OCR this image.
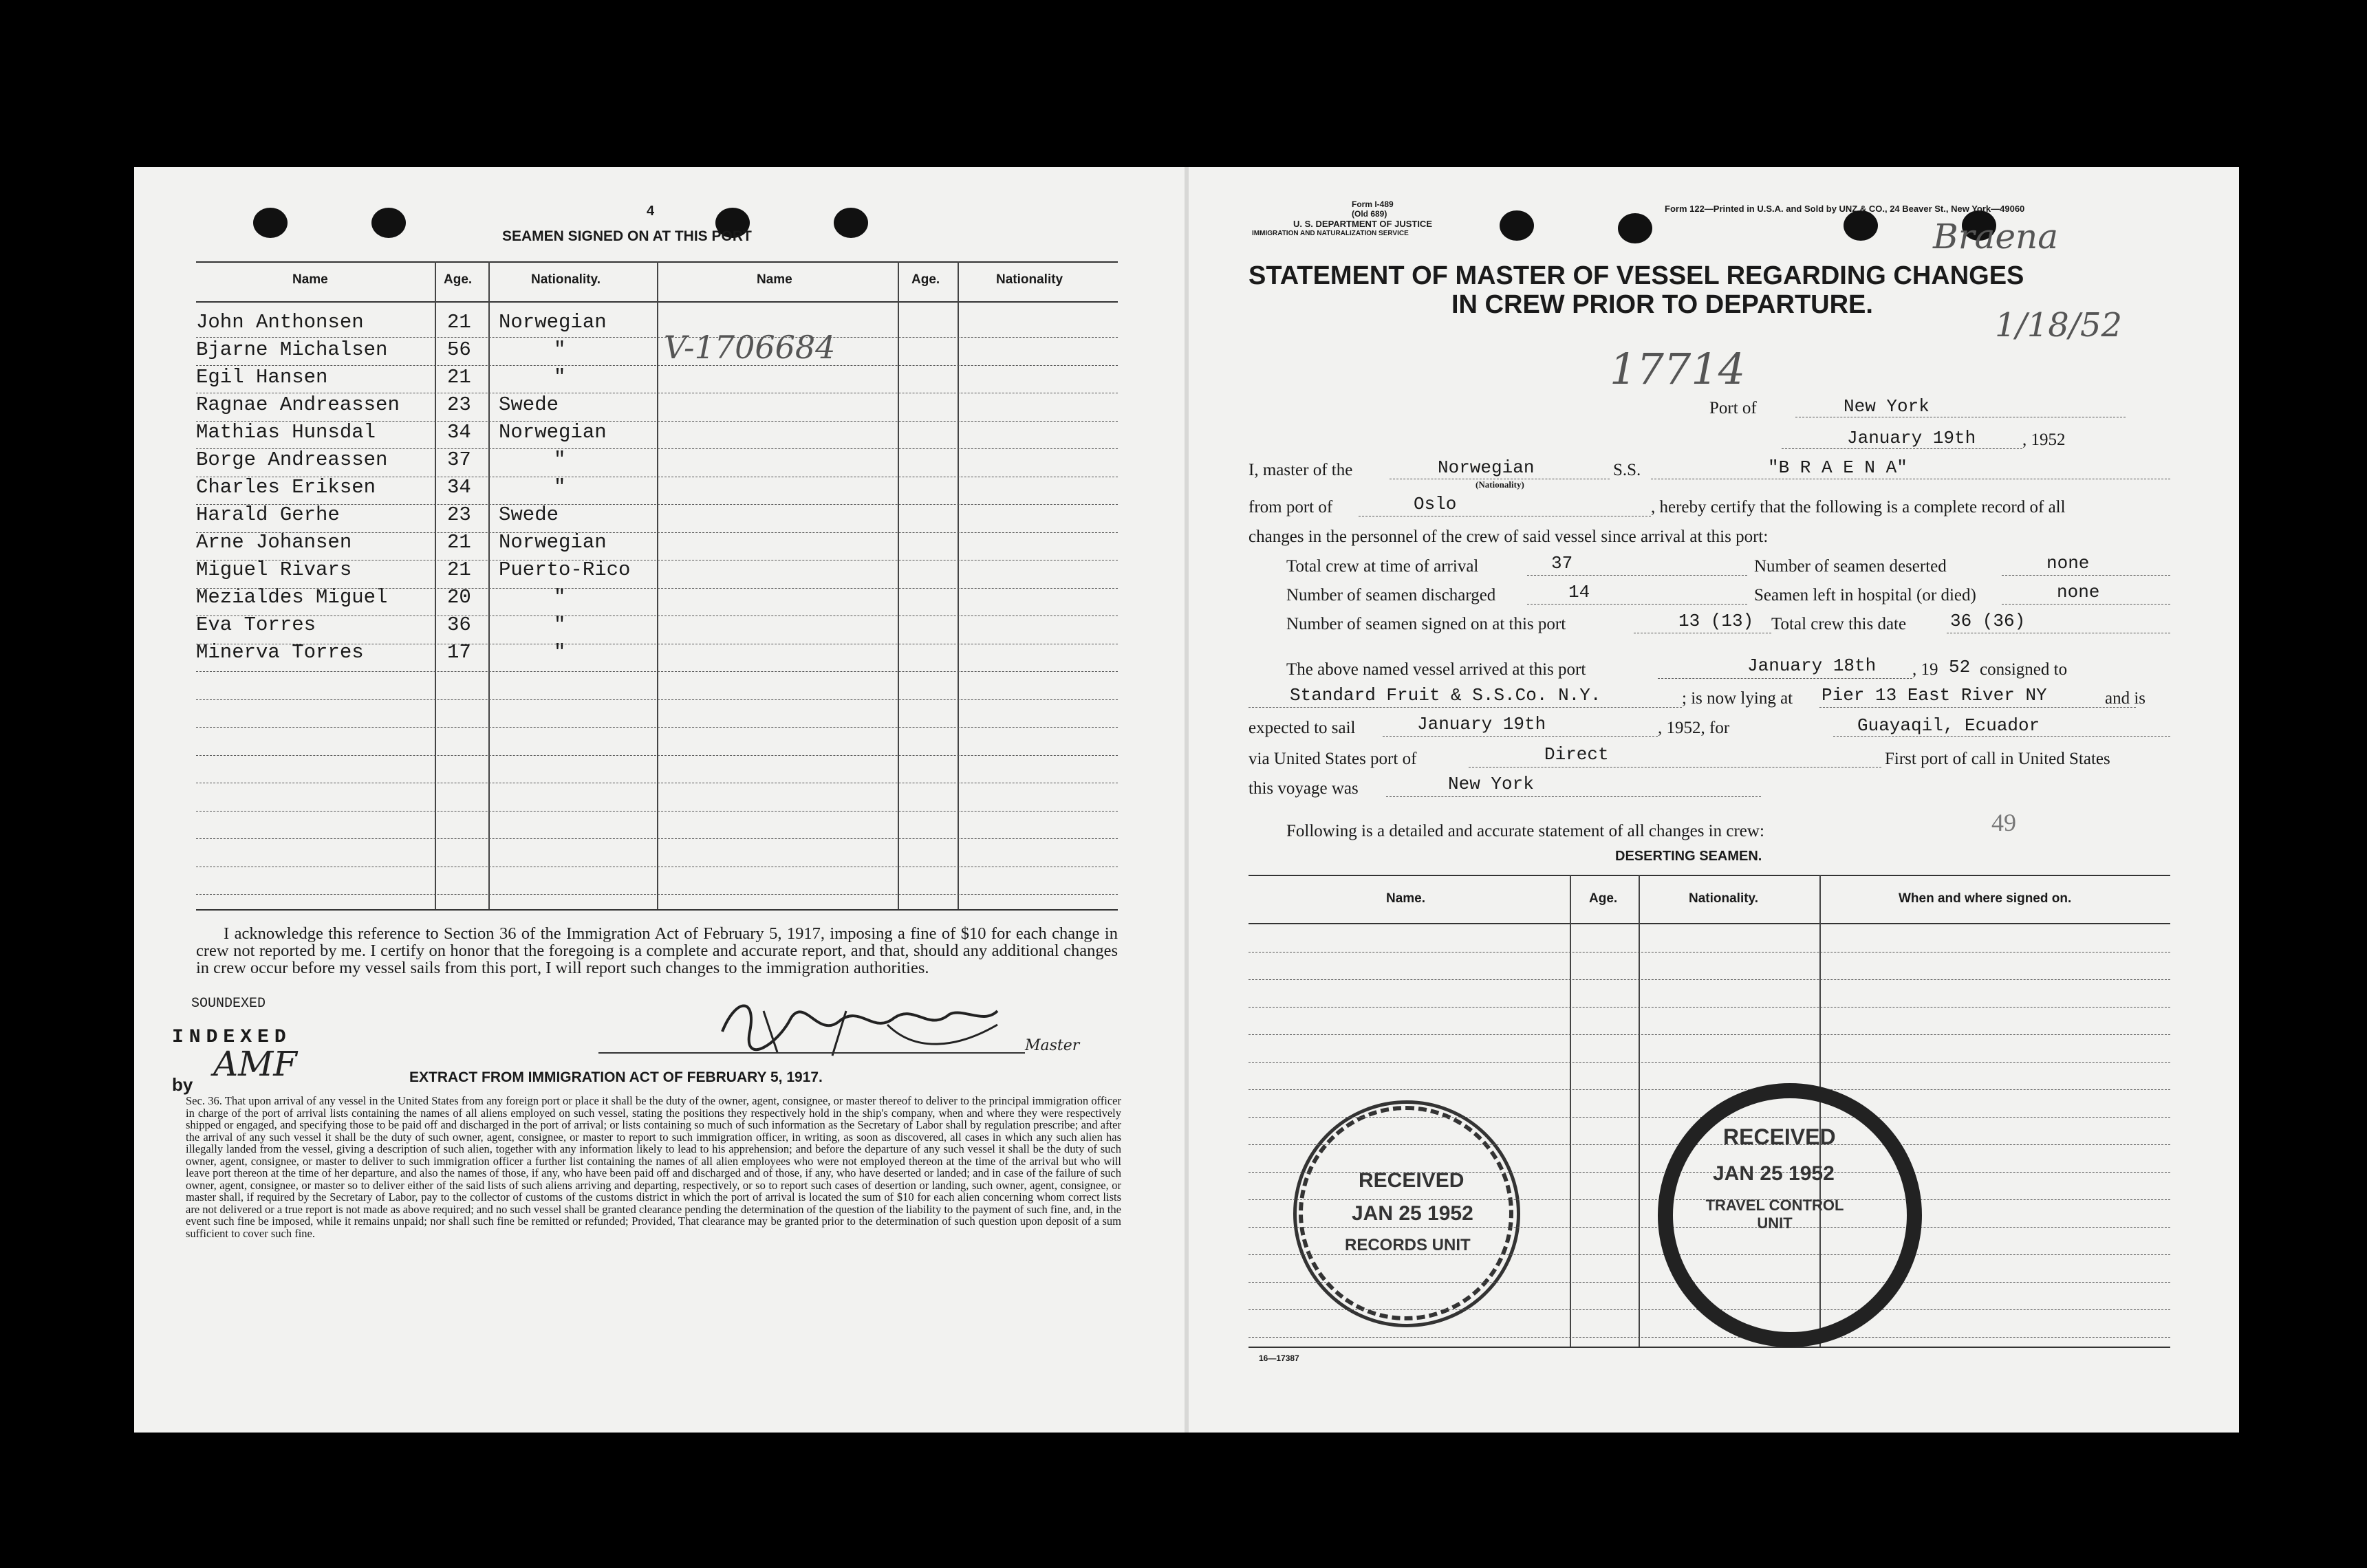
4
SEAMEN SIGNED ON AT THIS PORT
Name	Age.	Nationality.	Name	Age.	Nationality
John Anthonsen	21 Norwegian
Bjarne Michalsen	56	"
Egil Hansen	21	"
Ragnae Andreassen 23 Swede
Mathias Hunsdal	34 Norwegian
Borge Andreassen	37	"
Charles Eriksen	34	"
Harald Gerhe	23 Swede
Arne Johansen	21 Norwegian
Miguel Rivars	21 Puerto-Rico
Mezialdes Miguel	20	"
Eva Torres	36	"
Minerva Torres	17	"
V-1706684
I acknowledge this reference to Section 36 of the Immigration Act of February 5, 1917, imposing a fine of $10 for each change in crew not reported by me. I certify on honor that the foregoing is a complete and accurate report, and that, should any additional changes in crew occur before my vessel sails from this port, I will report such changes to the immigration authorities.
SOUNDEXED
INDEXED
by
AMF	Master
EXTRACT FROM IMMIGRATION ACT OF FEBRUARY 5, 1917.
Sec. 36. That upon arrival of any vessel in the United States from any foreign port or place it shall be the duty of the owner, agent, consignee, or master thereof to deliver to the principal immigration officer in charge of the port of arrival lists containing the names of all aliens employed on such vessel, stating the positions they respectively hold in the ship's company, when and where they were respectively shipped or engaged, and specifying those to be paid off and discharged in the port of arrival; or lists containing so much of such information as the Secretary of Labor shall by regulation prescribe; and after the arrival of any such vessel it shall be the duty of such owner, agent, consignee, or master to report to such immigration officer, in writing, as soon as discovered, all cases in which any such alien has illegally landed from the vessel, giving a description of such alien, together with any information likely to lead to his apprehension; and before the departure of any such vessel it shall be the duty of such owner, agent, consignee, or master to deliver to such immigration officer a further list containing the names of all alien employees who were not employed thereon at the time of the arrival but who will leave port thereon at the time of her departure, and also the names of those, if any, who have been paid off and discharged and of those, if any, who have deserted or landed; and in case of the failure of such owner, agent, consignee, or master so to deliver either of the said lists of such aliens arriving and departing, respectively, or so to report such cases of desertion or landing, such owner, agent, consignee, or master shall, if required by the Secretary of Labor, pay to the collector of customs of the customs district in which the port of arrival is located the sum of $10 for each alien concerning whom correct lists are not delivered or a true report is not made as above required; and no such vessel shall be granted clearance pending the determination of the question of the liability to the payment of such fine, and, in the event such fine be imposed, while it remains unpaid; nor shall such fine be remitted or refunded; Provided, That clearance may be granted prior to the determination of such question upon deposit of a sum sufficient to cover such fine.
RECEIVED
JAN 25 1952
RECORDS UNIT
Form I-489
(Old 689)
U. S. DEPARTMENT OF JUSTICE
IMMIGRATION AND NATURALIZATION SERVICE
Form 122—Printed in U.S.A. and Sold by UNZ & CO., 24 Beaver St., New York—49060
STATEMENT OF MASTER OF VESSEL REGARDING CHANGES
IN CREW PRIOR TO DEPARTURE.
Braena
1/18/52
17714
Port of	New York
January 19th	, 1952
I, master of the	Norwegian
(Nationality)
S.S.	"B R A E N A"
from port of	Oslo	, hereby certify that the following is a complete record of all
changes in the personnel of the crew of said vessel since arrival at this port:
Total crew at time of arrival	37	Number of seamen deserted	none
Number of seamen discharged	14	Seamen left in hospital (or died)	none
Number of seamen signed on at this port	13 (13) Total crew this date 36 (36)
The above named vessel arrived at this port	January 18th , 19 52 consigned to
Standard Fruit & S.S.Co. N.Y.	; is now lying at Pier 13 East River NY	and is
expected to sail	January 19th	, 1952, for	Guayaqil, Ecuador
via United States port of	Direct	First port of call in United States
this voyage was	New York
Following is a detailed and accurate statement of all changes in crew:	49
DESERTING SEAMEN.
Name.	Age.	Nationality.	When and where signed on.
RECEIVED
JAN 25 1952
TRAVEL CONTROL UNIT
16—17387
